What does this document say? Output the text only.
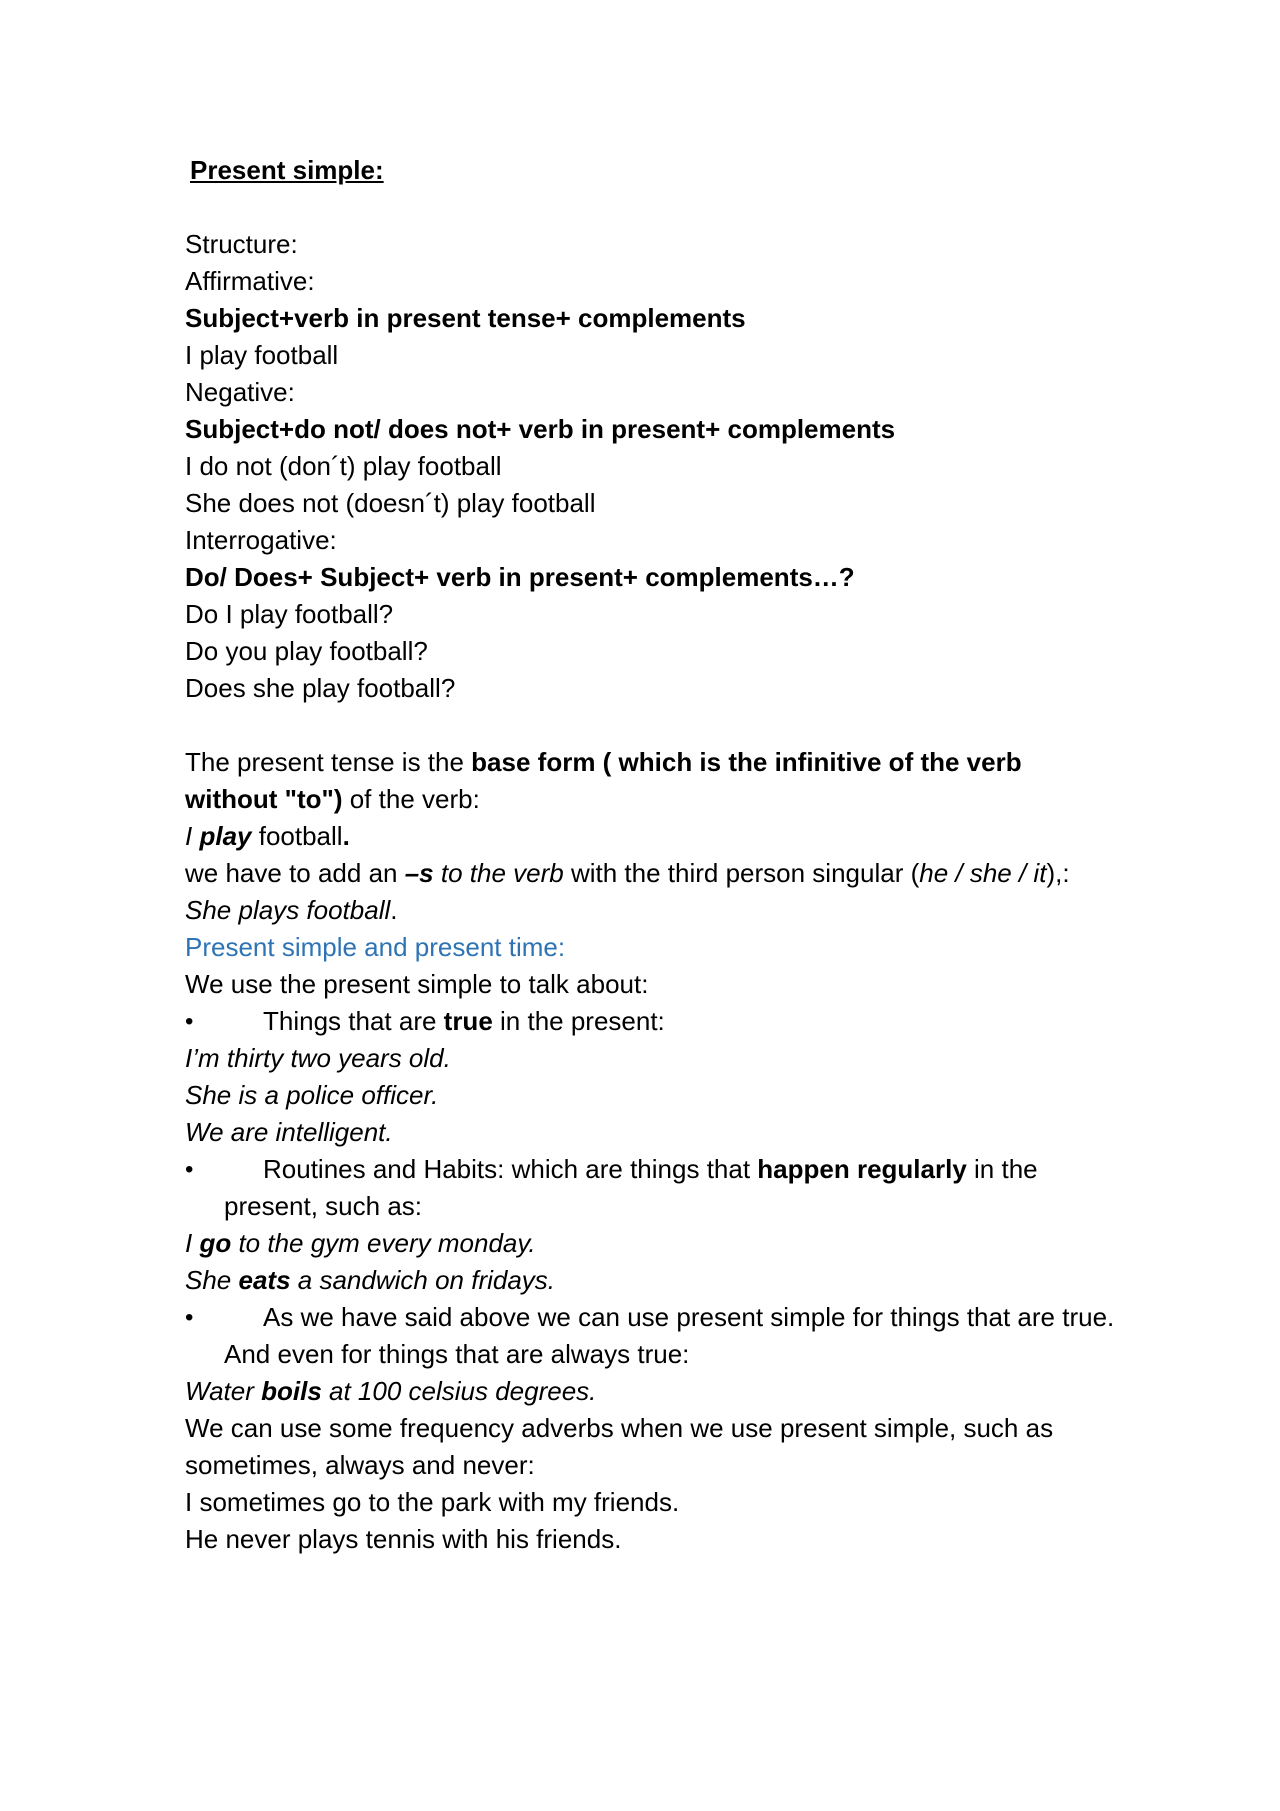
Present simple:
Structure:
Affirmative:
Subject+verb in present tense+ complements
I play football
Negative:
Subject+do not/ does not+ verb in present+ complements
I do not (don´t) play football
She does not (doesn´t) play football
Interrogative:
Do/ Does+ Subject+ verb in present+ complements…?
Do I play football?
Do you play football?
Does she play football?
The present tense is the base form ( which is the infinitive of the verb without "to") of the verb:
I play football.
we have to add an –s to the verb with the third person singular (he / she / it),:
She plays football.
Present simple and present time:
We use the present simple to talk about:
•	Things that are true in the present:
I’m thirty two years old.
She is a police officer.
We are intelligent.
•	Routines and Habits: which are things that happen regularly in the present, such as:
I go to the gym every monday.
She eats a sandwich on fridays.
•	As we have said above we can use present simple for things that are true. And even for things that are always true:
Water boils at 100 celsius degrees.
We can use some frequency adverbs when we use present simple, such as sometimes, always and never:
I sometimes go to the park with my friends.
He never plays tennis with his friends.
